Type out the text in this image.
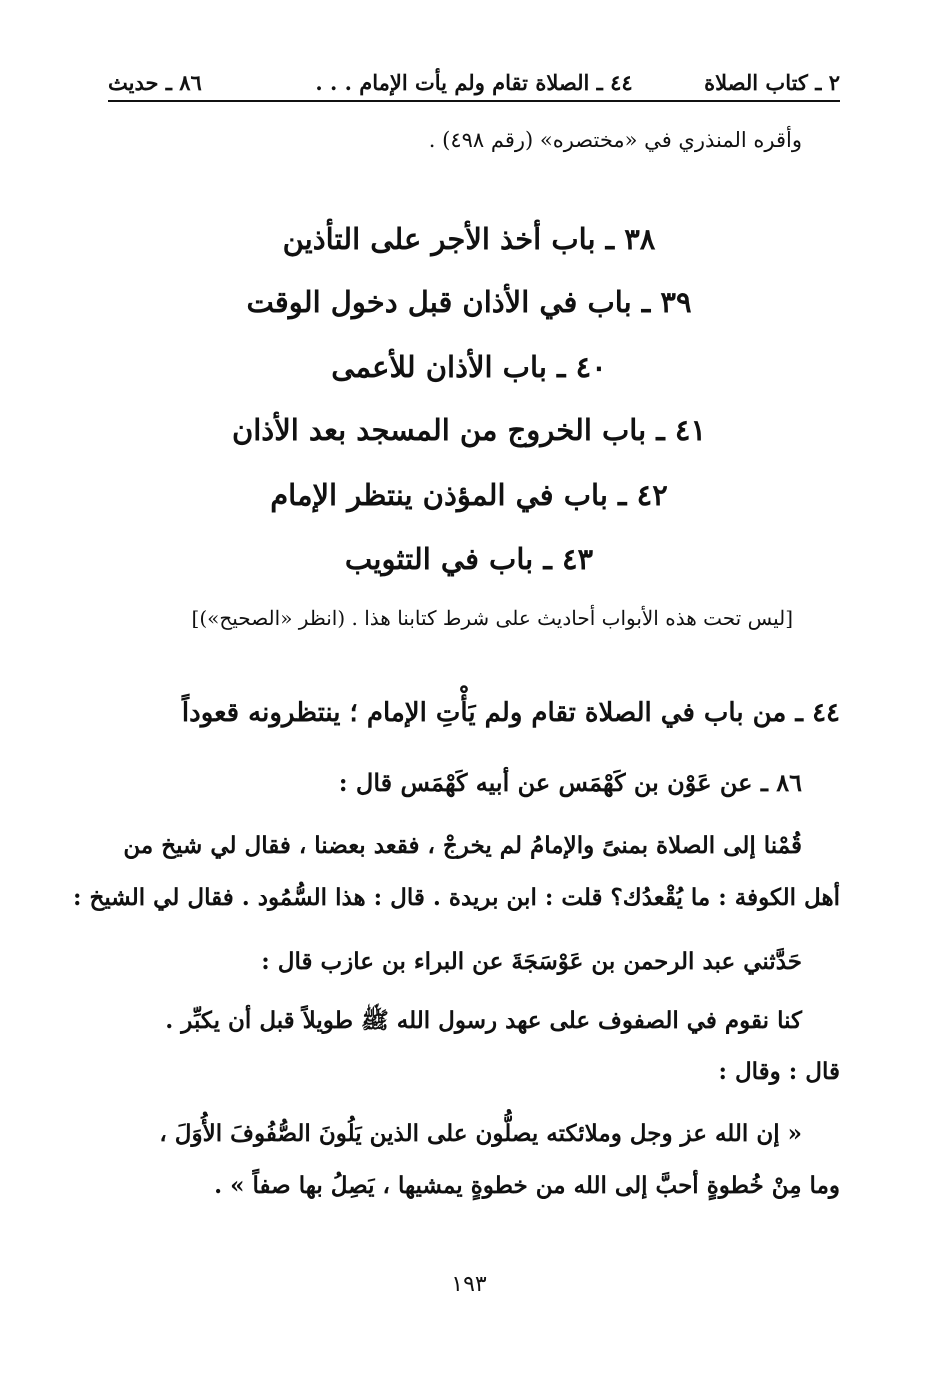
٢ ـ كتاب الصلاة
٤٤ ـ الصلاة تقام ولم يأت الإمام . . .
٨٦ ـ حديث
وأقره المنذري في «مختصره» (رقم ٤٩٨) .
٣٨ ـ باب أخذ الأجر على التأذين
٣٩ ـ باب في الأذان قبل دخول الوقت
٤٠ ـ باب الأذان للأعمى
٤١ ـ باب الخروج من المسجد بعد الأذان
٤٢ ـ باب في المؤذن ينتظر الإمام
٤٣ ـ باب في التثويب
[ليس تحت هذه الأبواب أحاديث على شرط كتابنا هذا . (انظر «الصحيح»)]
٤٤ ـ من باب في الصلاة تقام ولم يَأْتِ الإمام ؛ ينتظرونه قعوداً
٨٦ ـ عن عَوْن بن كَهْمَس عن أبيه كَهْمَس قال :
قُمْنا إلى الصلاة بمنىً والإمامُ لم يخرجْ ، فقعد بعضنا ، فقال لي شيخ من
أهل الكوفة : ما يُقْعدُك؟ قلت : ابن بريدة . قال : هذا السُّمُود . فقال لي الشيخ :
حَدَّثني عبد الرحمن بن عَوْسَجَةَ عن البراء بن عازب قال :
كنا نقوم في الصفوف على عهد رسول الله ﷺ طويلاً قبل أن يكبِّر .
قال : وقال :
« إن الله عز وجل وملائكته يصلُّون على الذين يَلُونَ الصُّفُوفَ الأُوَلَ ،
وما مِنْ خُطوةٍ أحبَّ إلى الله من خطوةٍ يمشيها ، يَصِلُ بها صفاً » .
١٩٣
